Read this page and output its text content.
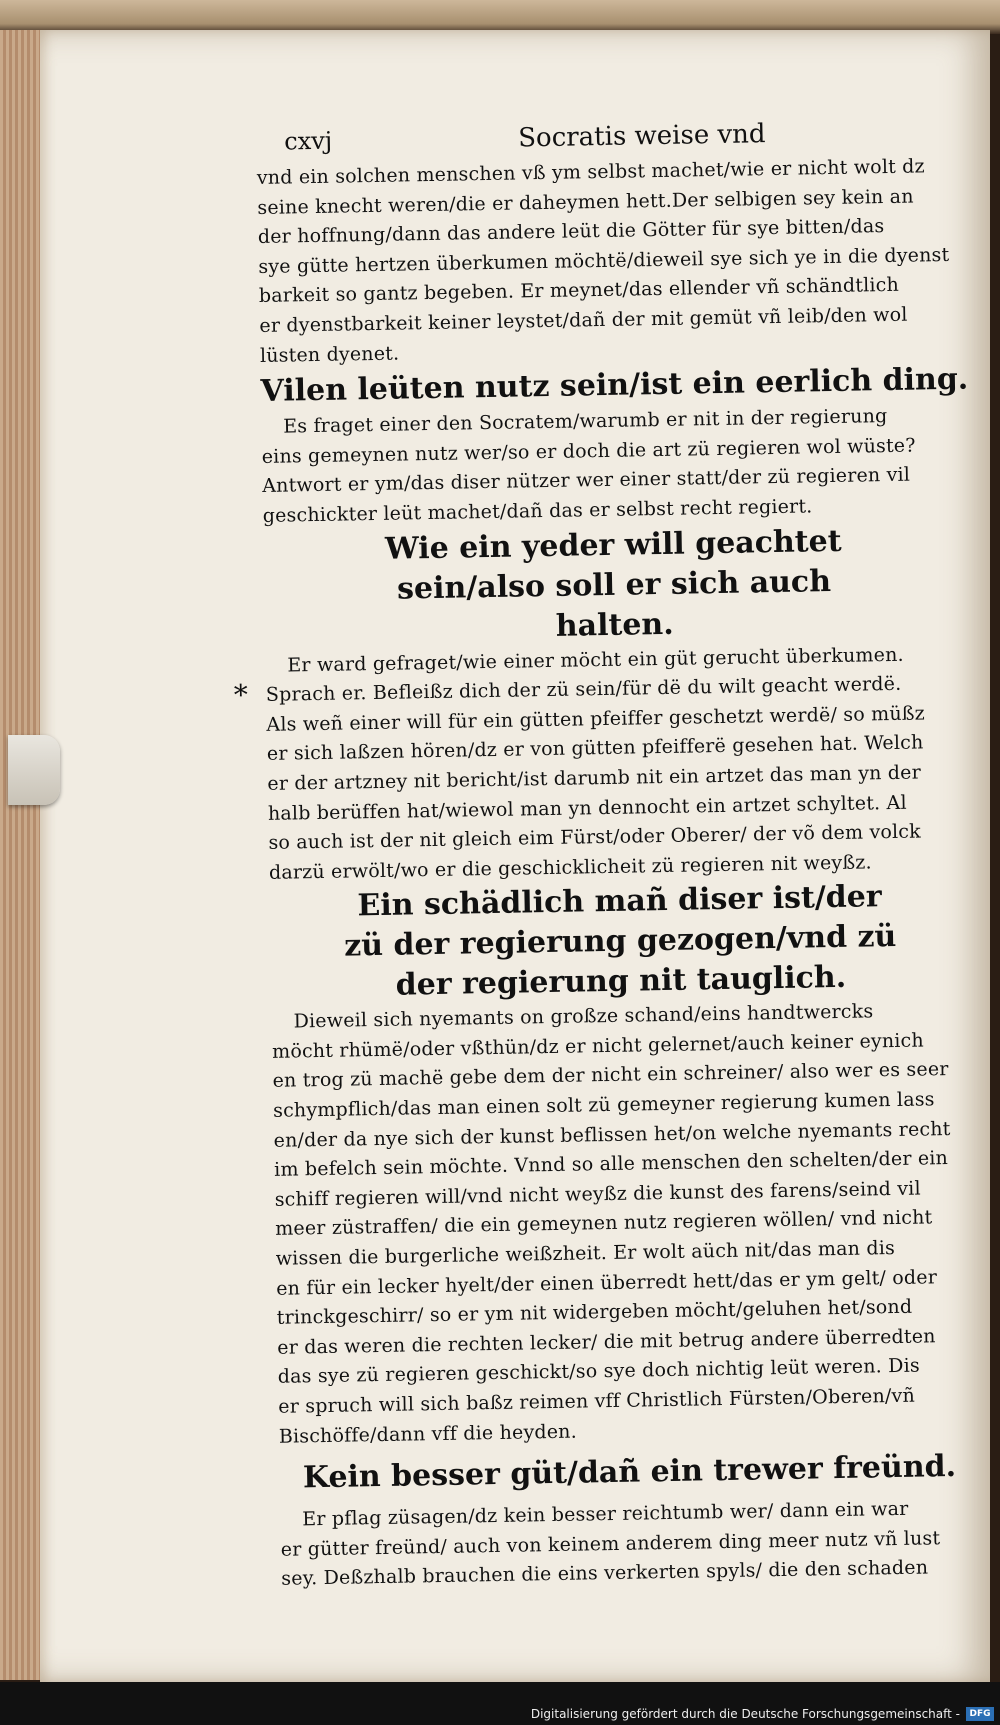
cxvj	Socratis weise vnd
vnd ein solchen menschen vß ym selbst machet/wie er nicht wolt dz
seine knecht weren/die er daheymen hett.Der selbigen sey kein an
der hoffnung/dann das andere leüt die Götter für sye bitten/das
sye gütte hertzen überkumen möchtë/dieweil sye sich ye in die dyenst
barkeit so gantz begeben. Er meynet/das ellender vñ schändtlich
er dyenstbarkeit keiner leystet/dañ der mit gemüt vñ leib/den wol
lüsten dyenet.
Vilen leüten nutz sein/ist ein eerlich ding.
Es fraget einer den Socratem/warumb er nit in der regierung
eins gemeynen nutz wer/so er doch die art zü regieren wol wüste?
Antwort er ym/das diser nützer wer einer statt/der zü regieren vil
geschickter leüt machet/dañ das er selbst recht regiert.
Wie ein yeder will geachtet sein/also soll er sich auch halten.
*
Er ward gefraget/wie einer möcht ein güt gerucht überkumen.
Sprach er. Befleißz dich der zü sein/für dë du wilt geacht werdë.
Als weñ einer will für ein gütten pfeiffer geschetzt werdë/ so müßz
er sich laßzen hören/dz er von gütten pfeifferë gesehen hat. Welch
er der artzney nit bericht/ist darumb nit ein artzet das man yn der
halb berüffen hat/wiewol man yn dennocht ein artzet schyltet. Al
so auch ist der nit gleich eim Fürst/oder Oberer/ der võ dem volck
darzü erwölt/wo er die geschicklicheit zü regieren nit weyßz.
Ein schädlich mañ diser ist/der zü der regierung gezogen/vnd zü der regierung nit tauglich.
Dieweil sich nyemants on großze schand/eins handtwercks
möcht rhümë/oder vßthün/dz er nicht gelernet/auch keiner eynich
en trog zü machë gebe dem der nicht ein schreiner/ also wer es seer
schympflich/das man einen solt zü gemeyner regierung kumen lass
en/der da nye sich der kunst beflissen het/on welche nyemants recht
im befelch sein möchte. Vnnd so alle menschen den schelten/der ein
schiff regieren will/vnd nicht weyßz die kunst des farens/seind vil
meer züstraffen/ die ein gemeynen nutz regieren wöllen/ vnd nicht
wissen die burgerliche weißzheit. Er wolt aüch nit/das man dis
en für ein lecker hyelt/der einen überredt hett/das er ym gelt/ oder
trinckgeschirr/ so er ym nit widergeben möcht/geluhen het/sond
er das weren die rechten lecker/ die mit betrug andere überredten
das sye zü regieren geschickt/so sye doch nichtig leüt weren. Dis
er spruch will sich baßz reimen vff Christlich Fürsten/Oberen/vñ
Bischöffe/dann vff die heyden.
Kein besser güt/dañ ein trewer freünd.
Er pflag züsagen/dz kein besser reichtumb wer/ dann ein war
er gütter freünd/ auch von keinem anderem ding meer nutz vñ lust
sey. Deßzhalb brauchen die eins verkerten spyls/ die den schaden

Digitalisierung gefördert durch die Deutsche Forschungsgemeinschaft -	DFG
